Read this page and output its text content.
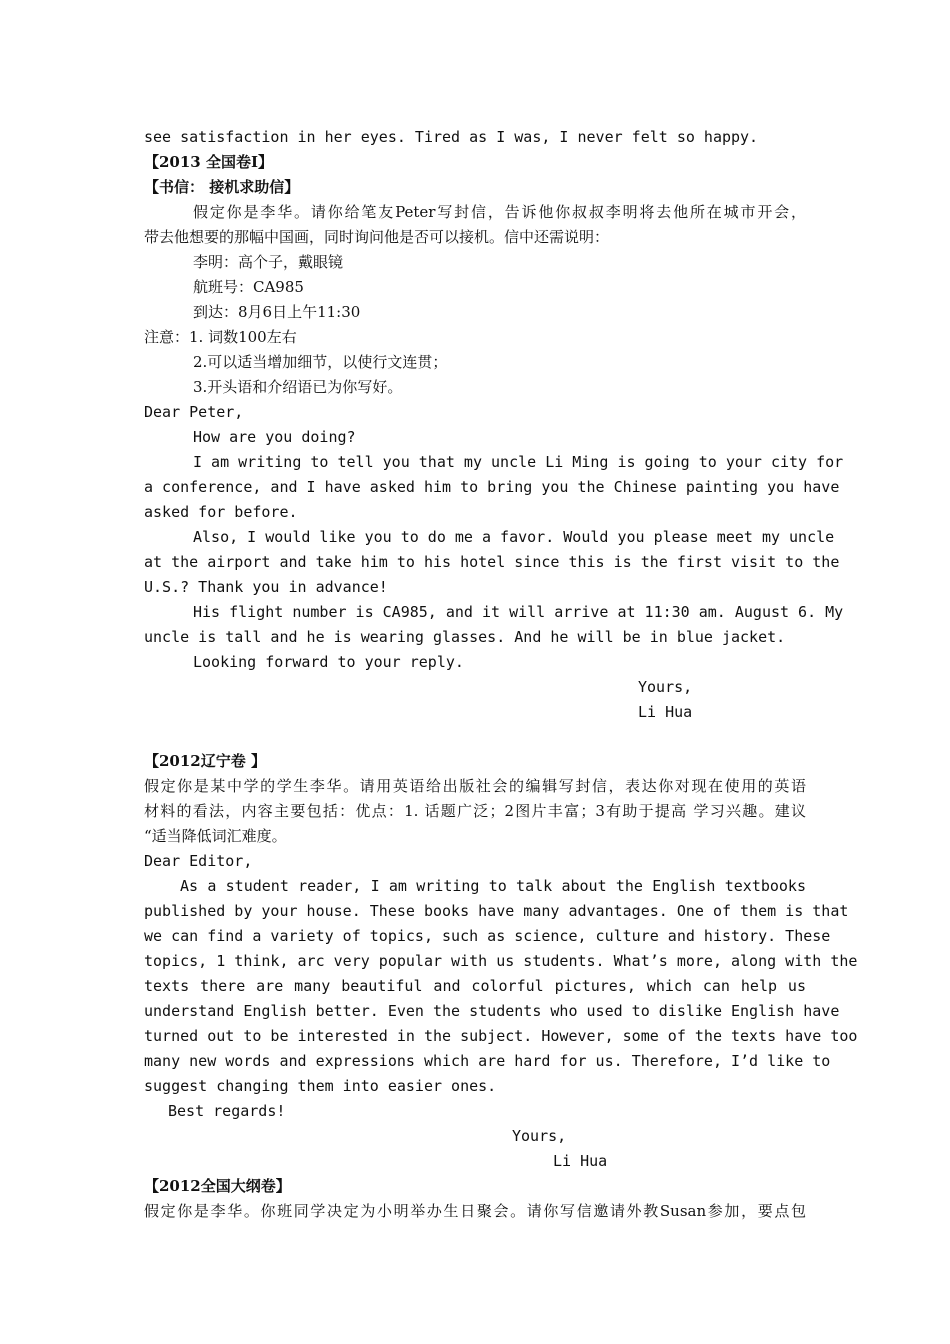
see satisfaction in her eyes. Tired as I was, I never felt so happy.
【2013 全国卷I】
【书信： 接机求助信】
假定你是李华。请你给笔友Peter写封信，告诉他你叔叔李明将去他所在城市开会，
带去他想要的那幅中国画，同时询问他是否可以接机。信中还需说明：
李明：高个子，戴眼镜
航班号：CA985
到达：8月6日上午11:30
注意：1. 词数100左右
2.可以适当增加细节，以使行文连贯；
3.开头语和介绍语已为你写好。
Dear Peter,
How are you doing?
I am writing to tell you that my uncle Li Ming is going to your city for
a conference, and I have asked him to bring you the Chinese painting you have
asked for before.
Also, I would like you to do me a favor. Would you please meet my uncle
at the airport and take him to his hotel since this is the first visit to the
U.S.? Thank you in advance!
His flight number is CA985, and it will arrive at 11:30 am. August 6. My
uncle is tall and he is wearing glasses. And he will be in blue jacket.
Looking forward to your reply.
Yours,
Li Hua
【2012辽宁卷 】
假定你是某中学的学生李华。请用英语给出版社会的编辑写封信，表达你对现在使用的英语
材料的看法，内容主要包括：优点：1. 话题广泛；2图片丰富；3有助于提高 学习兴趣。建议
“适当降低词汇难度。
Dear Editor,
As a student reader, I am writing to talk about the English textbooks
published by your house. These books have many advantages. One of them is that
we can find a variety of topics, such as science, culture and history. These
topics, 1 think, arc very popular with us students. What’s more, along with the
texts there are many beautiful and colorful pictures, which can help us
understand English better. Even the students who used to dislike English have
turned out to be interested in the subject. However, some of the texts have too
many new words and expressions which are hard for us. Therefore, I’d like to
suggest changing them into easier ones.
Best regards!
Yours,
Li Hua
【2012全国大纲卷】
假定你是李华。你班同学决定为小明举办生日聚会。请你写信邀请外教Susan参加，要点包
